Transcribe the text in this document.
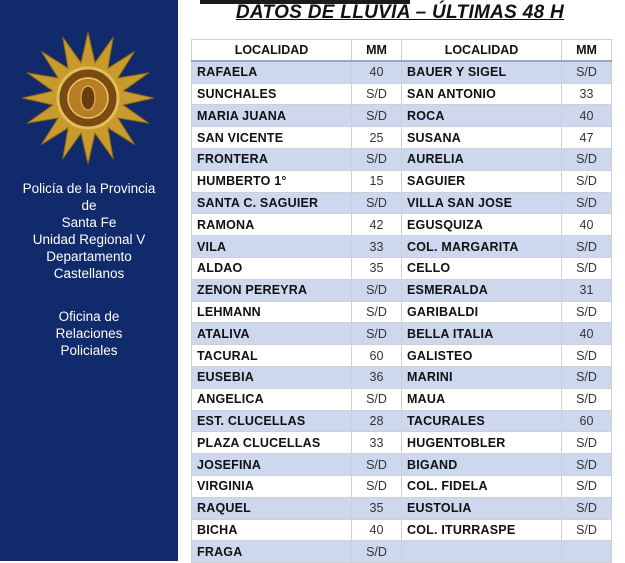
Policía de la Provincia
de
Santa Fe
Unidad Regional V
Departamento
Castellanos
Oficina de
Relaciones
Policiales
DATOS DE LLUVIA – ÚLTIMAS 48 H
LOCALIDAD	MM	LOCALIDAD	MM
RAFAELA	40	BAUER Y SIGEL	S/D
SUNCHALES	S/D	SAN ANTONIO	33
MARIA JUANA	S/D	ROCA	40
SAN VICENTE	25	SUSANA	47
FRONTERA	S/D	AURELIA	S/D
HUMBERTO 1°	15	SAGUIER	S/D
SANTA C. SAGUIER	S/D	VILLA SAN JOSE	S/D
RAMONA	42	EGUSQUIZA	40
VILA	33	COL. MARGARITA	S/D
ALDAO	35	CELLO	S/D
ZENON PEREYRA	S/D	ESMERALDA	31
LEHMANN	S/D	GARIBALDI	S/D
ATALIVA	S/D	BELLA ITALIA	40
TACURAL	60	GALISTEO	S/D
EUSEBIA	36	MARINI	S/D
ANGELICA	S/D	MAUA	S/D
EST. CLUCELLAS	28	TACURALES	60
PLAZA CLUCELLAS	33	HUGENTOBLER	S/D
JOSEFINA	S/D	BIGAND	S/D
VIRGINIA	S/D	COL. FIDELA	S/D
RAQUEL	35	EUSTOLIA	S/D
BICHA	40	COL. ITURRASPE	S/D
FRAGA	S/D		
